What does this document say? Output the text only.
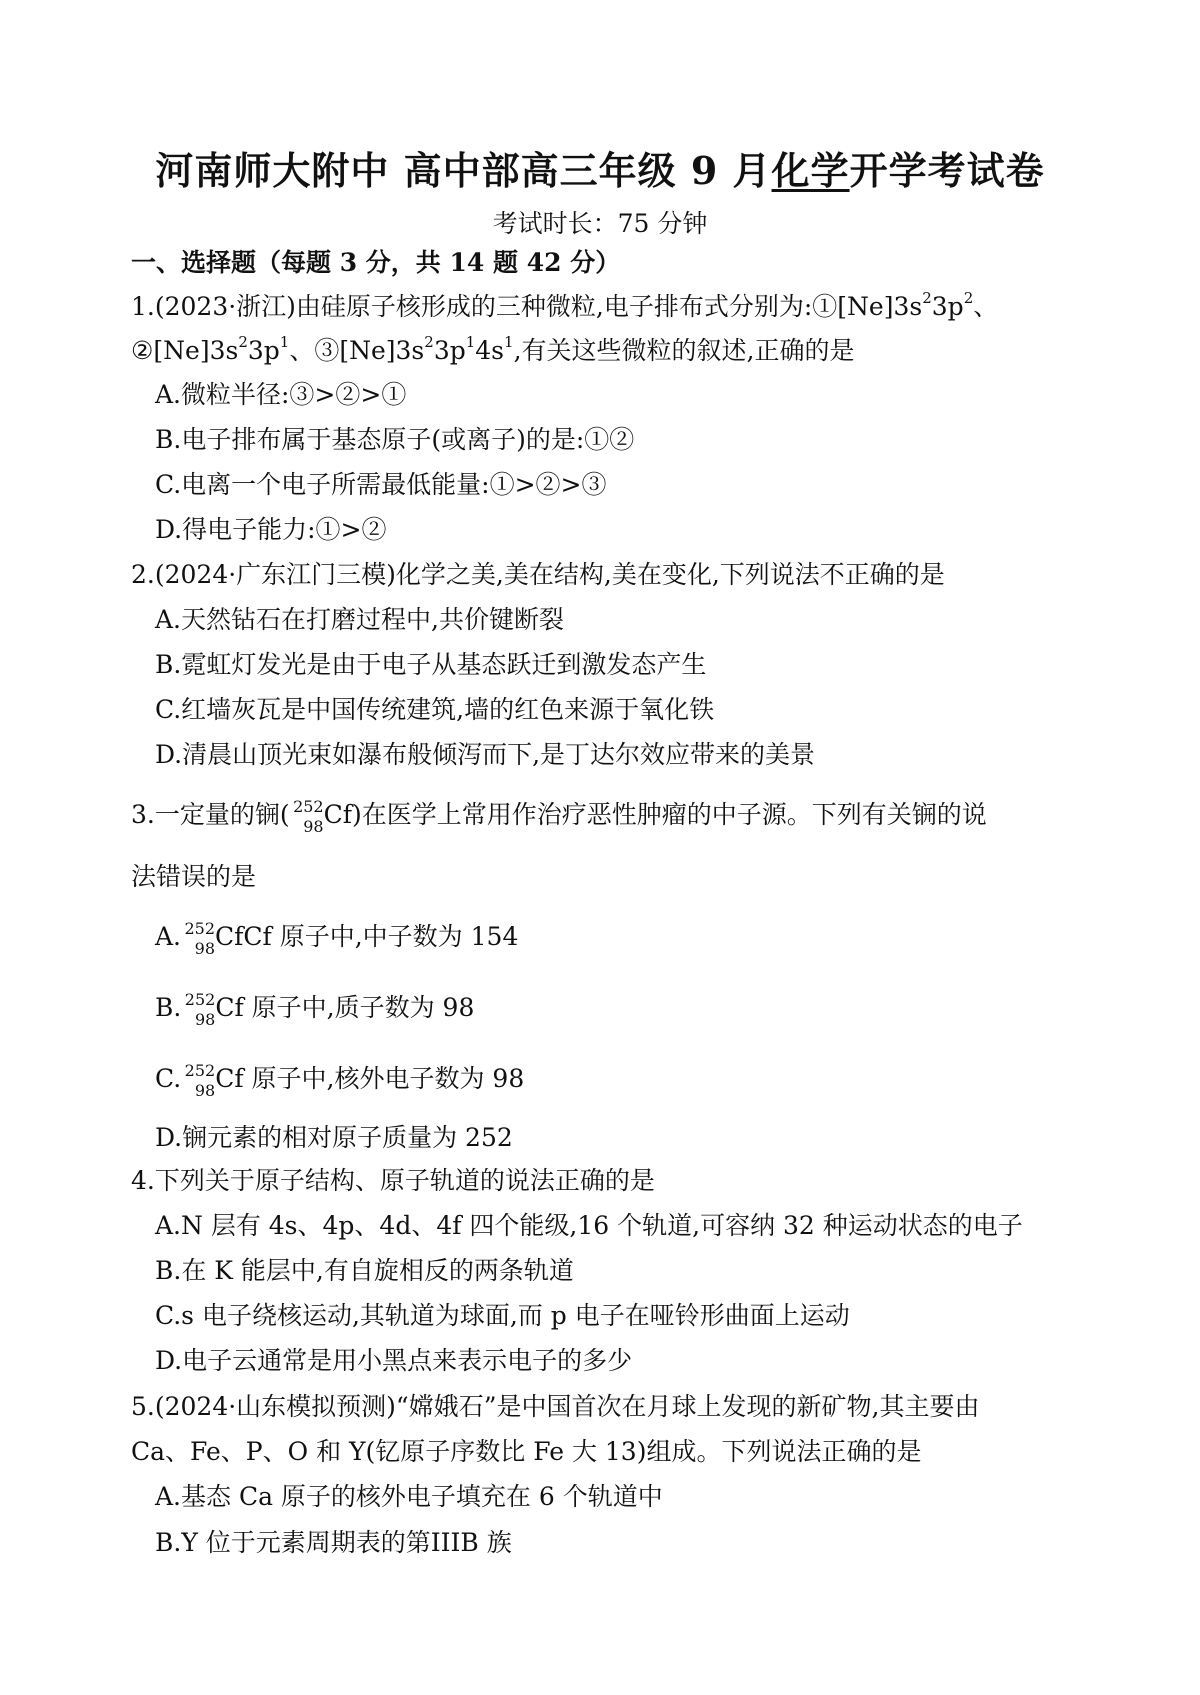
河南师大附中 高中部高三年级 9 月化学开学考试卷
考试时长：75 分钟
一、选择题（每题 3 分，共 14 题 42 分）
1.(2023·浙江)由硅原子核形成的三种微粒,电子排布式分别为$:①[Ne]3s^23p^2$、
$②[Ne]3s^23p^1$、$③[Ne]3s^23p^14s^1$,有关这些微粒的叙述,正确的是
A.微粒半径:③>②>①
B.电子排布属于基态原子(或离子)的是:①②
C.电离一个电子所需最低能量:①>②>③
D.得电子能力:①>②
2.(2024·广东江门三模)化学之美,美在结构,美在变化,下列说法不正确的是
A.天然钻石在打磨过程中,共价键断裂
B.霓虹灯发光是由于电子从基态跃迁到激发态产生
C.红墙灰瓦是中国传统建筑,墙的红色来源于氧化铁
D.清晨山顶光束如瀑布般倾泻而下,是丁达尔效应带来的美景
3.一定量的锎( 252
98 Cf)在医学上常用作治疗恶性肿瘤的中子源。下列有关锎的说
法错误的是
A. 252
98 CfCf 原子中,中子数为 154
B. 252
98 Cf 原子中,质子数为 98
C. 252
98 Cf 原子中,核外电子数为 98
D.锎元素的相对原子质量为 252
4.下列关于原子结构、原子轨道的说法正确的是
A.N 层有 4s、4p、4d、4f 四个能级,16 个轨道,可容纳 32 种运动状态的电子
B.在 K 能层中,有自旋相反的两条轨道
C.s 电子绕核运动,其轨道为球面,而 p 电子在哑铃形曲面上运动
D.电子云通常是用小黑点来表示电子的多少
5.(2024·山东模拟预测)“嫦娥石”是中国首次在月球上发现的新矿物,其主要由
Ca、Fe、P、O 和 Y(钇原子序数比 Fe 大 13)组成。下列说法正确的是
A.基态 Ca 原子的核外电子填充在 6 个轨道中
B.Y 位于元素周期表的第IIIB 族
